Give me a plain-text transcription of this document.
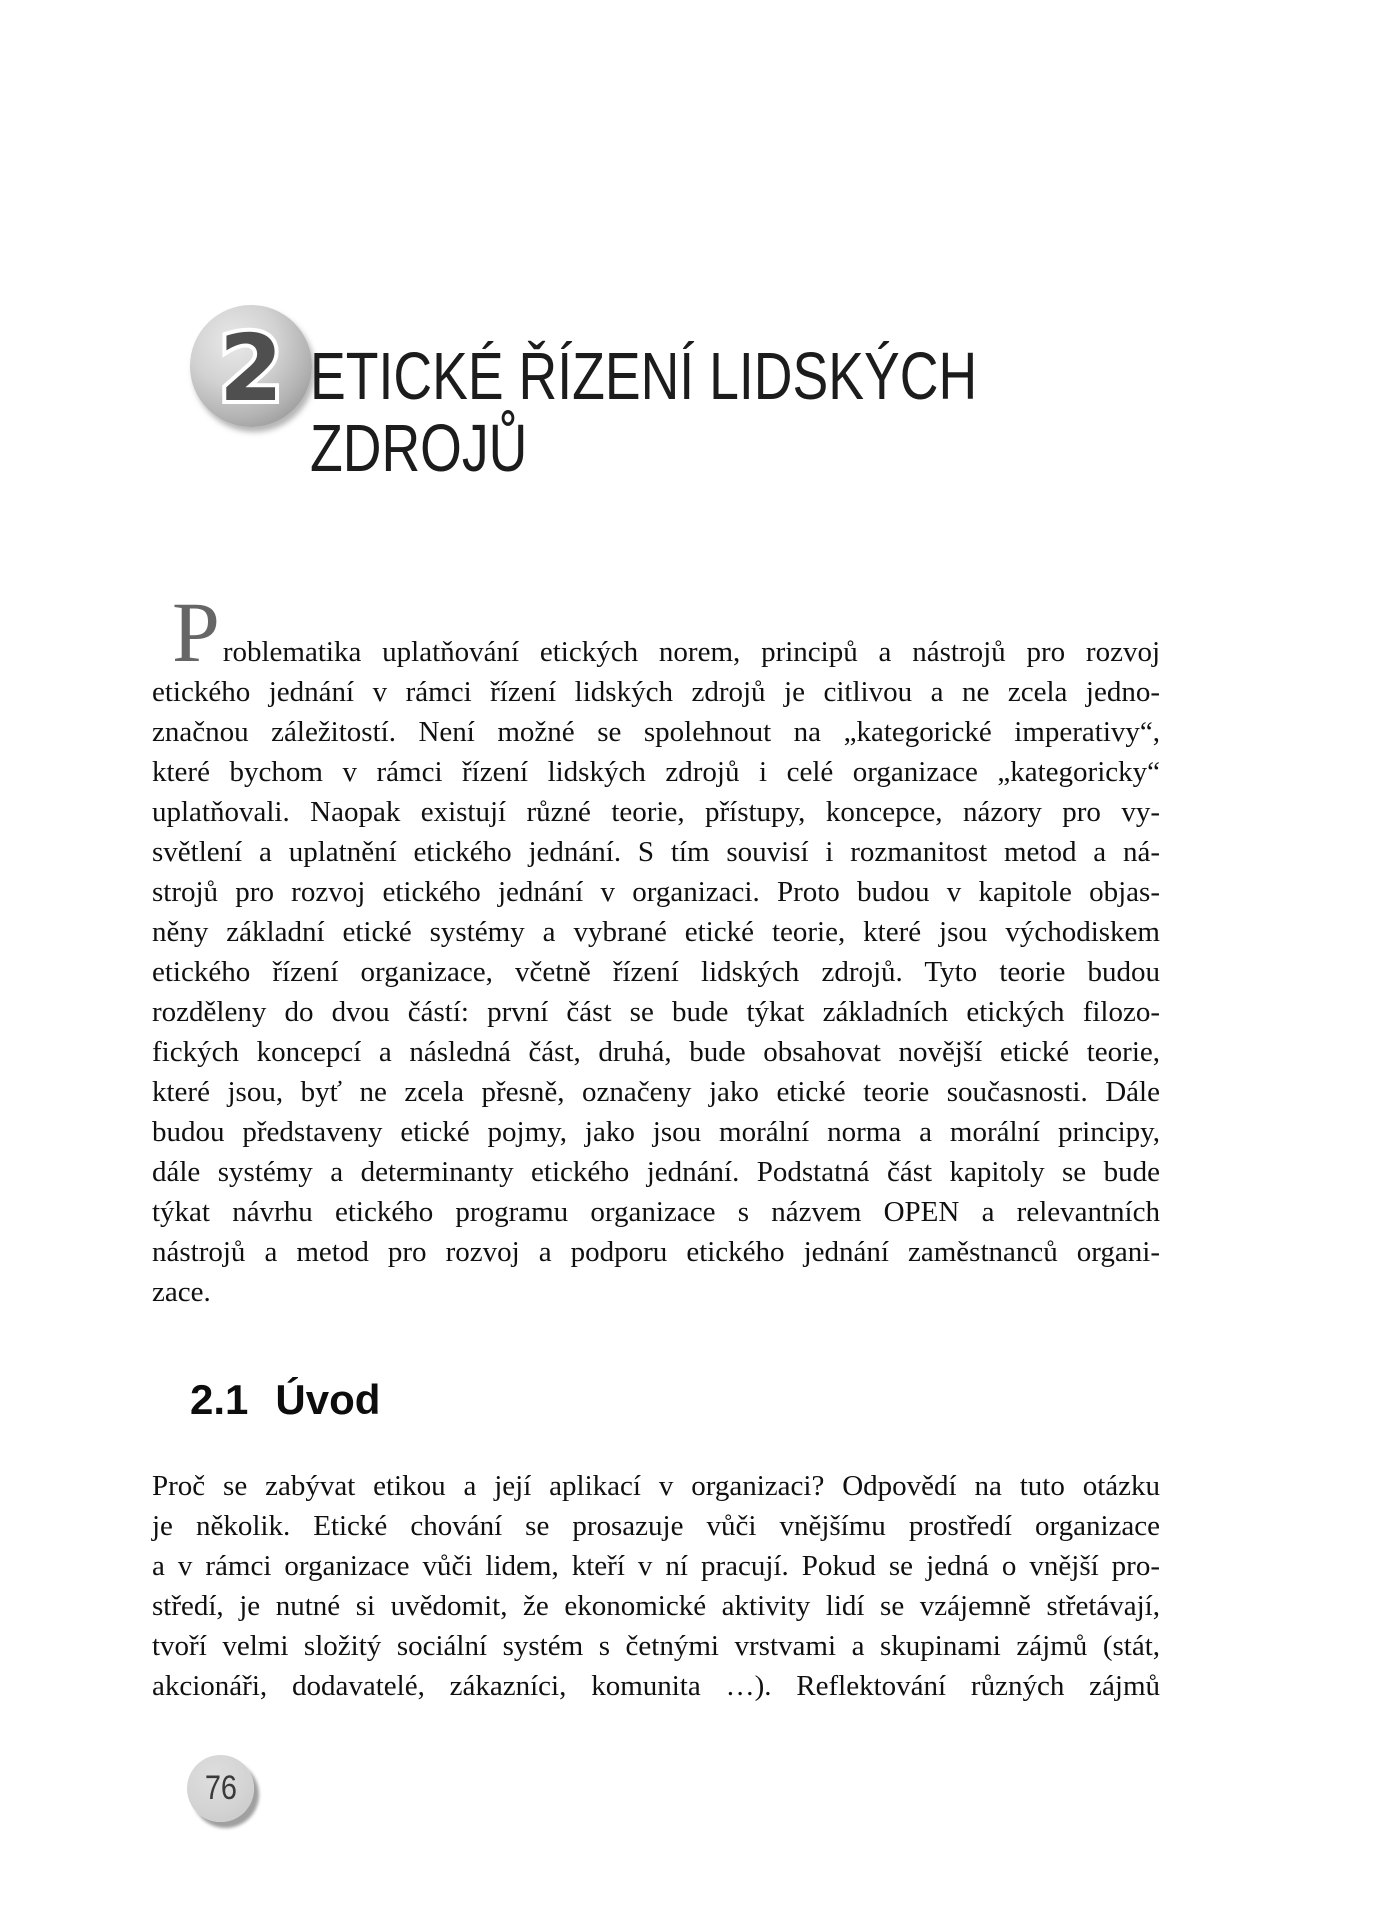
2 ETICKÉ ŘÍZENÍ LIDSKÝCH
ZDROJŮ
Problematika uplatňování etických norem, principů a nástrojů pro rozvoj
etického jednání v rámci řízení lidských zdrojů je citlivou a ne zcela jedno-
značnou záležitostí. Není možné se spolehnout na „kategorické imperativy“,
které bychom v rámci řízení lidských zdrojů i celé organizace „kategoricky“
uplatňovali. Naopak existují různé teorie, přístupy, koncepce, názory pro vy-
světlení a uplatnění etického jednání. S tím souvisí i rozmanitost metod a ná-
strojů pro rozvoj etického jednání v organizaci. Proto budou v kapitole objas-
něny základní etické systémy a vybrané etické teorie, které jsou východiskem
etického řízení organizace, včetně řízení lidských zdrojů. Tyto teorie budou
rozděleny do dvou částí: první část se bude týkat základních etických filozo-
fických koncepcí a následná část, druhá, bude obsahovat novější etické teorie,
které jsou, byť ne zcela přesně, označeny jako etické teorie současnosti. Dále
budou představeny etické pojmy, jako jsou morální norma a morální principy,
dále systémy a determinanty etického jednání. Podstatná část kapitoly se bude
týkat návrhu etického programu organizace s názvem OPEN a relevantních
nástrojů a metod pro rozvoj a podporu etického jednání zaměstnanců organi-
zace.
2.1 Úvod
Proč se zabývat etikou a její aplikací v organizaci? Odpovědí na tuto otázku
je několik. Etické chování se prosazuje vůči vnějšímu prostředí organizace
a v rámci organizace vůči lidem, kteří v ní pracují. Pokud se jedná o vnější pro-
středí, je nutné si uvědomit, že ekonomické aktivity lidí se vzájemně střetávají,
tvoří velmi složitý sociální systém s četnými vrstvami a skupinami zájmů (stát,
akcionáři, dodavatelé, zákazníci, komunita …). Reflektování různých zájmů
76
